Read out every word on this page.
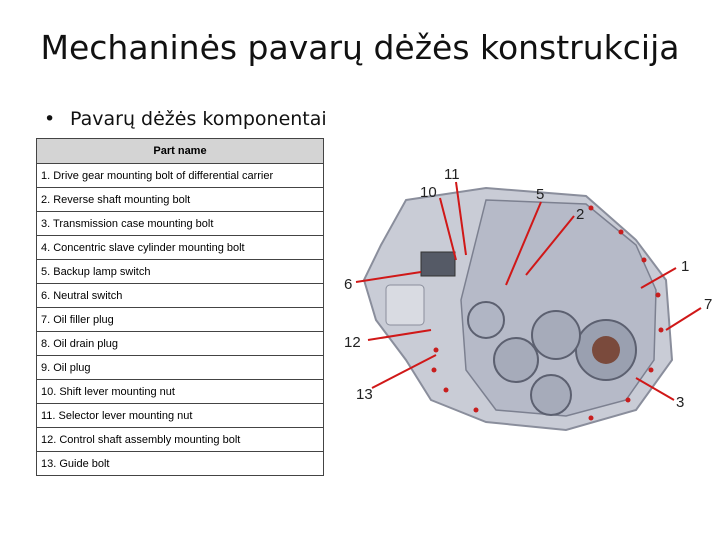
Mechaninės pavarų dėžės konstrukcija
• Pavarų dėžės komponentai
Part name
1. Drive gear mounting bolt of differential carrier
2. Reverse shaft mounting bolt
3. Transmission case mounting bolt
4. Concentric slave cylinder mounting bolt
5. Backup lamp switch
6. Neutral switch
7. Oil filler plug
8. Oil drain plug
9. Oil plug
10. Shift lever mounting nut
11. Selector lever mounting nut
12. Control shaft assembly mounting bolt
13. Guide bolt
11
10	5
2
1
6
7
12
13	3
